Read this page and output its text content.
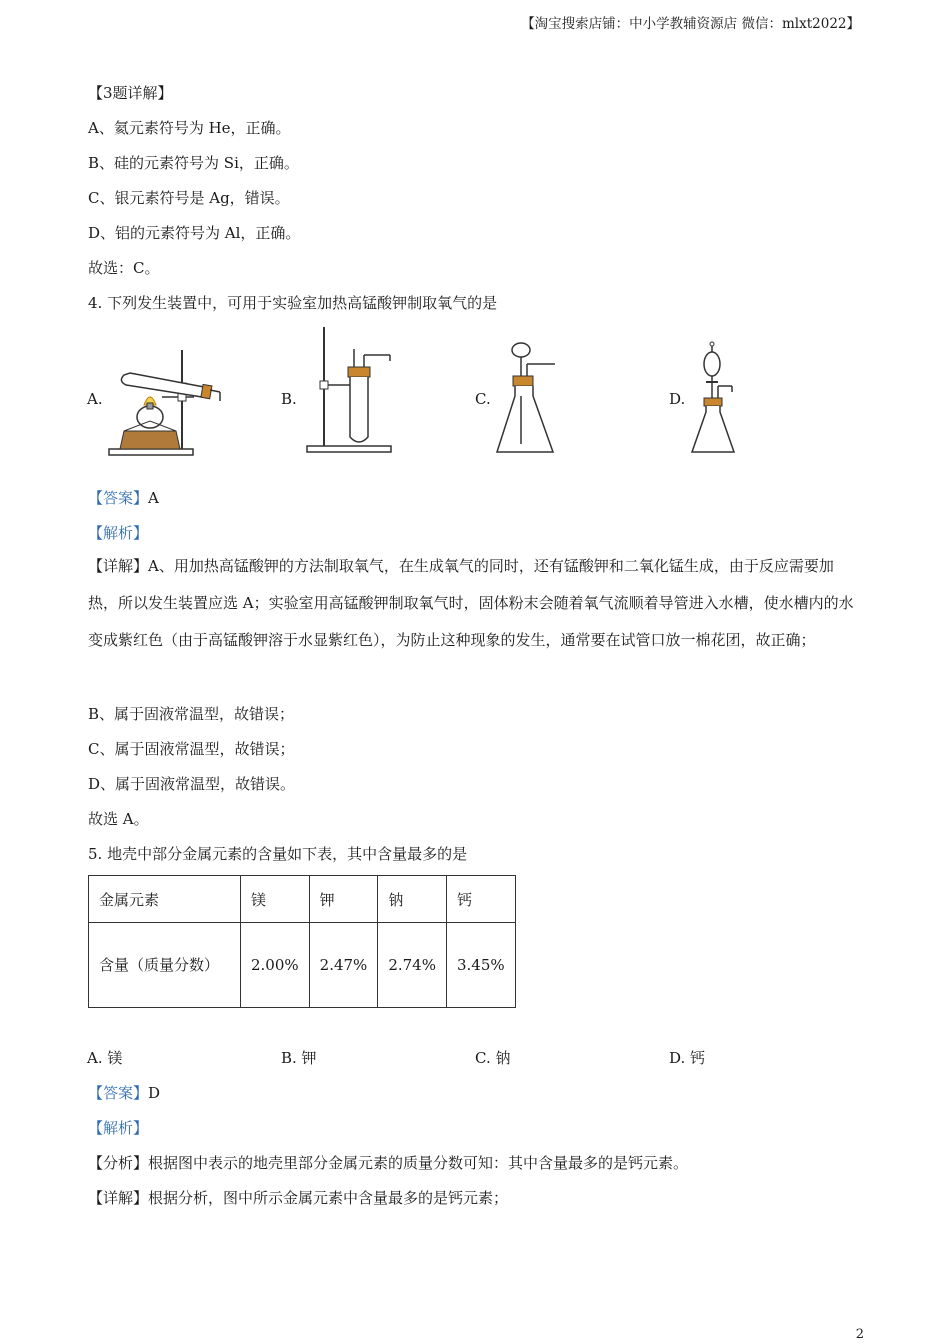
【淘宝搜索店铺：中小学教辅资源店 微信：mlxt2022】
【3题详解】
A、氦元素符号为 He，正确。
B、硅的元素符号为 Si，正确。
C、银元素符号是 Ag，错误。
D、铝的元素符号为 Al，正确。
故选：C。
4. 下列发生装置中，可用于实验室加热高锰酸钾制取氧气的是
A.	B.	C.	D.
【答案】A
【解析】
【详解】A、用加热高锰酸钾的方法制取氧气，在生成氧气的同时，还有锰酸钾和二氧化锰生成，由于反应需要加热，所以发生装置应选 A；实验室用高锰酸钾制取氧气时，固体粉末会随着氧气流顺着导管进入水槽，使水槽内的水变成紫红色（由于高锰酸钾溶于水显紫红色），为防止这种现象的发生，通常要在试管口放一棉花团，故正确；
B、属于固液常温型，故错误；
C、属于固液常温型，故错误；
D、属于固液常温型，故错误。
故选 A。
5. 地壳中部分金属元素的含量如下表，其中含量最多的是
金属元素	镁	钾	钠	钙
含量（质量分数）	2.00%	2.47%	2.74%	3.45%
A. 镁	B. 钾	C. 钠	D. 钙
【答案】D
【解析】
【分析】根据图中表示的地壳里部分金属元素的质量分数可知：其中含量最多的是钙元素。
【详解】根据分析，图中所示金属元素中含量最多的是钙元素；
2
